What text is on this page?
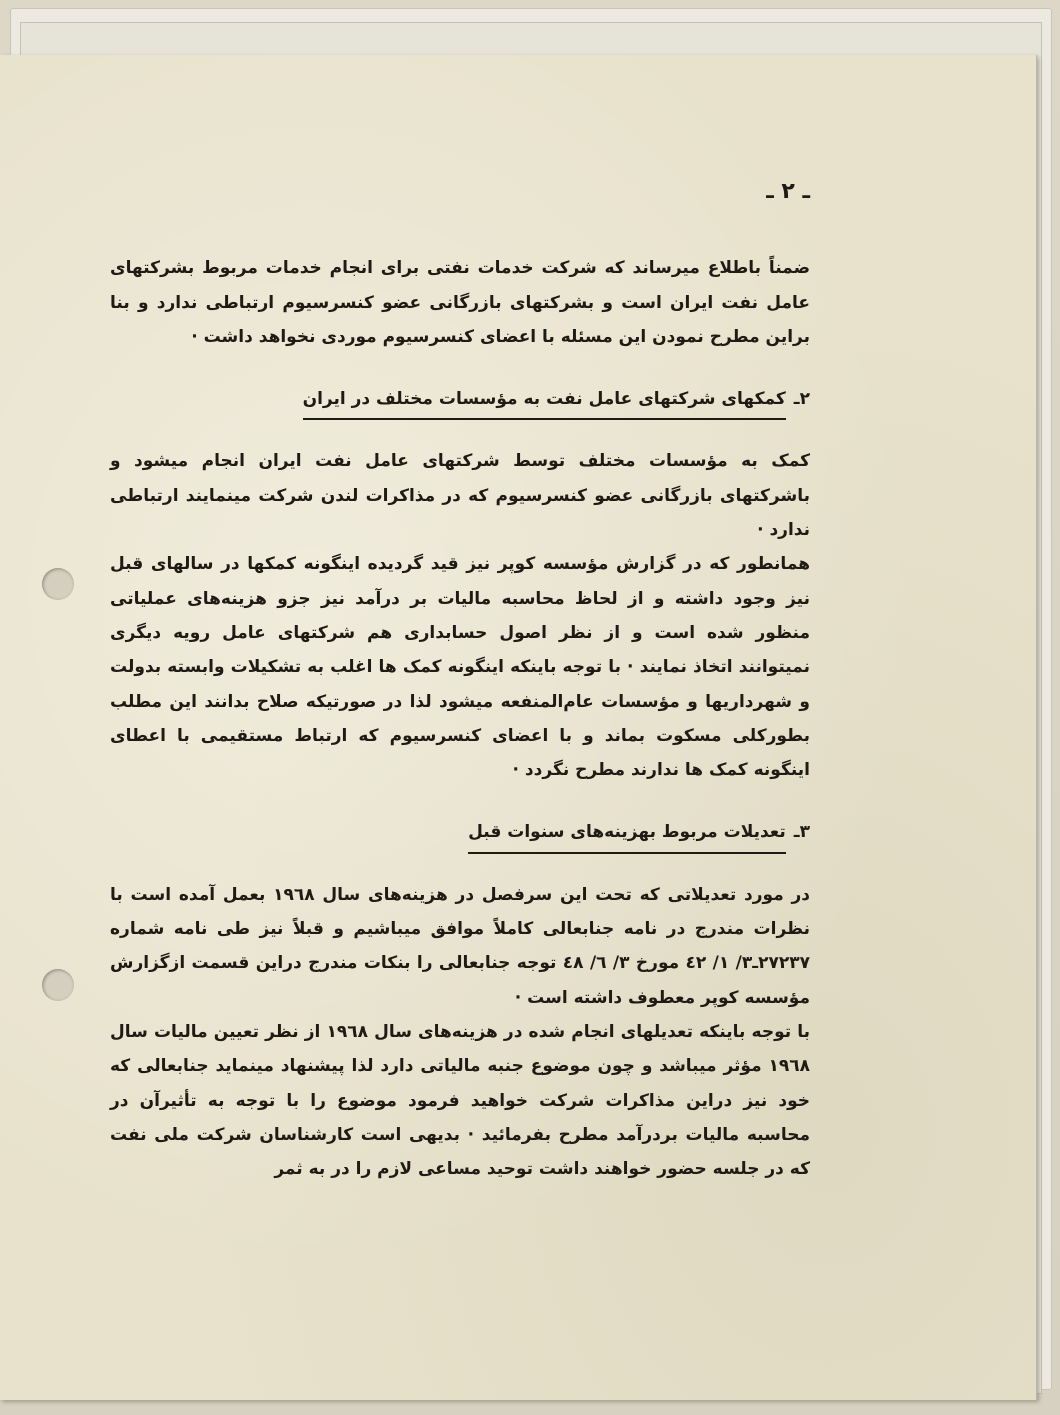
ـ ٢ ـ

ضمناً باطلاع میرساند که شرکت خدمات نفتی برای انجام خدمات مربوط بشرکتهای عامل نفت ایران است و بشرکتهای بازرگانی عضو کنسرسیوم ارتباطی ندارد و بنا براین مطرح نمودن این مسئله با اعضای کنسرسیوم موردی نخواهد داشت ·

٢ـ
کمکهای شرکتهای عامل نفت به مؤسسات مختلف در ایران

کمک به مؤسسات مختلف توسط شرکتهای عامل نفت ایران انجام میشود و باشرکتهای بازرگانی عضو کنسرسیوم که در مذاکرات لندن شرکت مینمایند ارتباطی ندارد ·

همانطور که در گزارش مؤسسه کوپر نیز قید گردیده اینگونه کمکها در سالهای قبل نیز وجود داشته و از لحاظ محاسبه مالیات بر درآمد نیز جزو هزینه‌های عملیاتی منظور شده است و از نظر اصول حسابداری هم شرکتهای عامل رویه دیگری نمیتوانند اتخاذ نمایند · با توجه باینکه اینگونه کمک ها اغلب به تشکیلات وابسته بدولت و شهرداریها و مؤسسات عام‌المنفعه میشود لذا در صورتیکه صلاح بدانند این مطلب بطورکلی مسکوت بماند و با اعضای کنسرسیوم که ارتباط مستقیمی با اعطای اینگونه کمک ها ندارند مطرح نگردد ·

٣ـ
تعدیلات مربوط بهزینه‌های سنوات قبل

در مورد تعدیلاتی که تحت این سرفصل در هزینه‌های سال ١٩٦٨ بعمل آمده است با نظرات مندرج در نامه جنابعالی کاملاً موافق میباشیم و قبلاً نیز طی نامه شماره ٢٧٢٣٧ـ٣/ ١/ ٤٢ مورخ ٣/ ٦/ ٤٨ توجه جنابعالی را بنکات مندرج دراین قسمت ازگزارش مؤسسه کوپر معطوف داشته است ·

با توجه باینکه تعدیلهای انجام شده در هزینه‌های سال ١٩٦٨ از نظر تعیین مالیات سال ١٩٦٨ مؤثر میباشد و چون موضوع جنبه مالیاتی دارد لذا پیشنهاد مینماید جنابعالی که خود نیز دراین مذاکرات شرکت خواهید فرمود موضوع را با توجه به تأثیرآن در محاسبه مالیات بردرآمد مطرح بفرمائید · بدیهی است کارشناسان شرکت ملی نفت که در جلسه حضور خواهند داشت توحید مساعی لازم را در به ثمر
